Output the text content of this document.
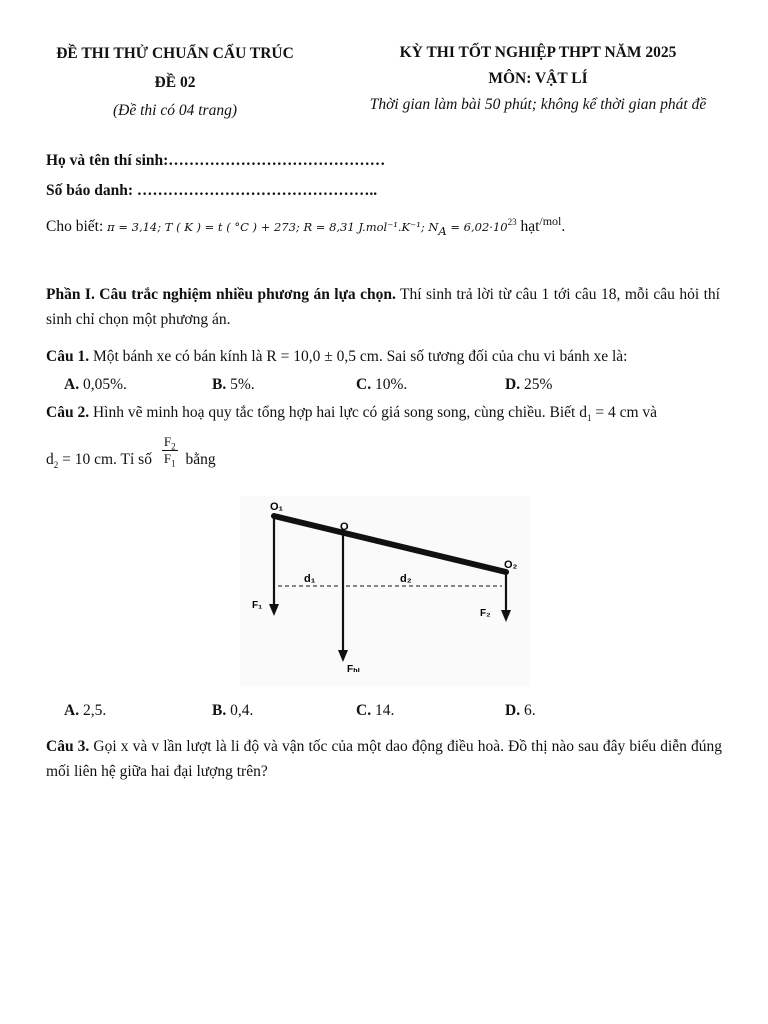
ĐỀ THI THỬ CHUẨN CẤU TRÚC
ĐỀ 02
(Đề thi có 04 trang)
KỲ THI TỐT NGHIỆP THPT NĂM 2025
MÔN: VẬT LÍ
Thời gian làm bài 50 phút; không kể thời gian phát đề
Họ và tên thí sinh:……………………………………
Số báo danh: ………………………………………..
Cho biết: π = 3,14; T ( K ) = t ( °C ) + 273; R = 8,31 J.mol⁻¹.K⁻¹; $N_A = 6,02\cdot 10^{23}$ hạt$^{/mol}$.
Phần I. Câu trắc nghiệm nhiều phương án lựa chọn. Thí sinh trả lời từ câu 1 tới câu 18, mỗi câu hỏi thí sinh chỉ chọn một phương án.
Câu 1. Một bánh xe có bán kính là R = 10,0 ± 0,5 cm. Sai số tương đối của chu vi bánh xe là:
A. 0,05%.	B. 5%.	C. 10%.	D. 25%
Câu 2. Hình vẽ minh hoạ quy tắc tổng hợp hai lực có giá song song, cùng chiều. Biết $d_1 = 4$ cm và
$d_2 = 10$ cm. Tỉ số $\frac{F_2}{F_1}$ bằng
O₁
O
O₂
d₁	d₂
F₁
F₂
Fₕₗ
A. 2,5.	B. 0,4.	C. 14.	D. 6.
Câu 3. Gọi x và v lần lượt là li độ và vận tốc của một dao động điều hoà. Đồ thị nào sau đây biểu diễn đúng mối liên hệ giữa hai đại lượng trên?
